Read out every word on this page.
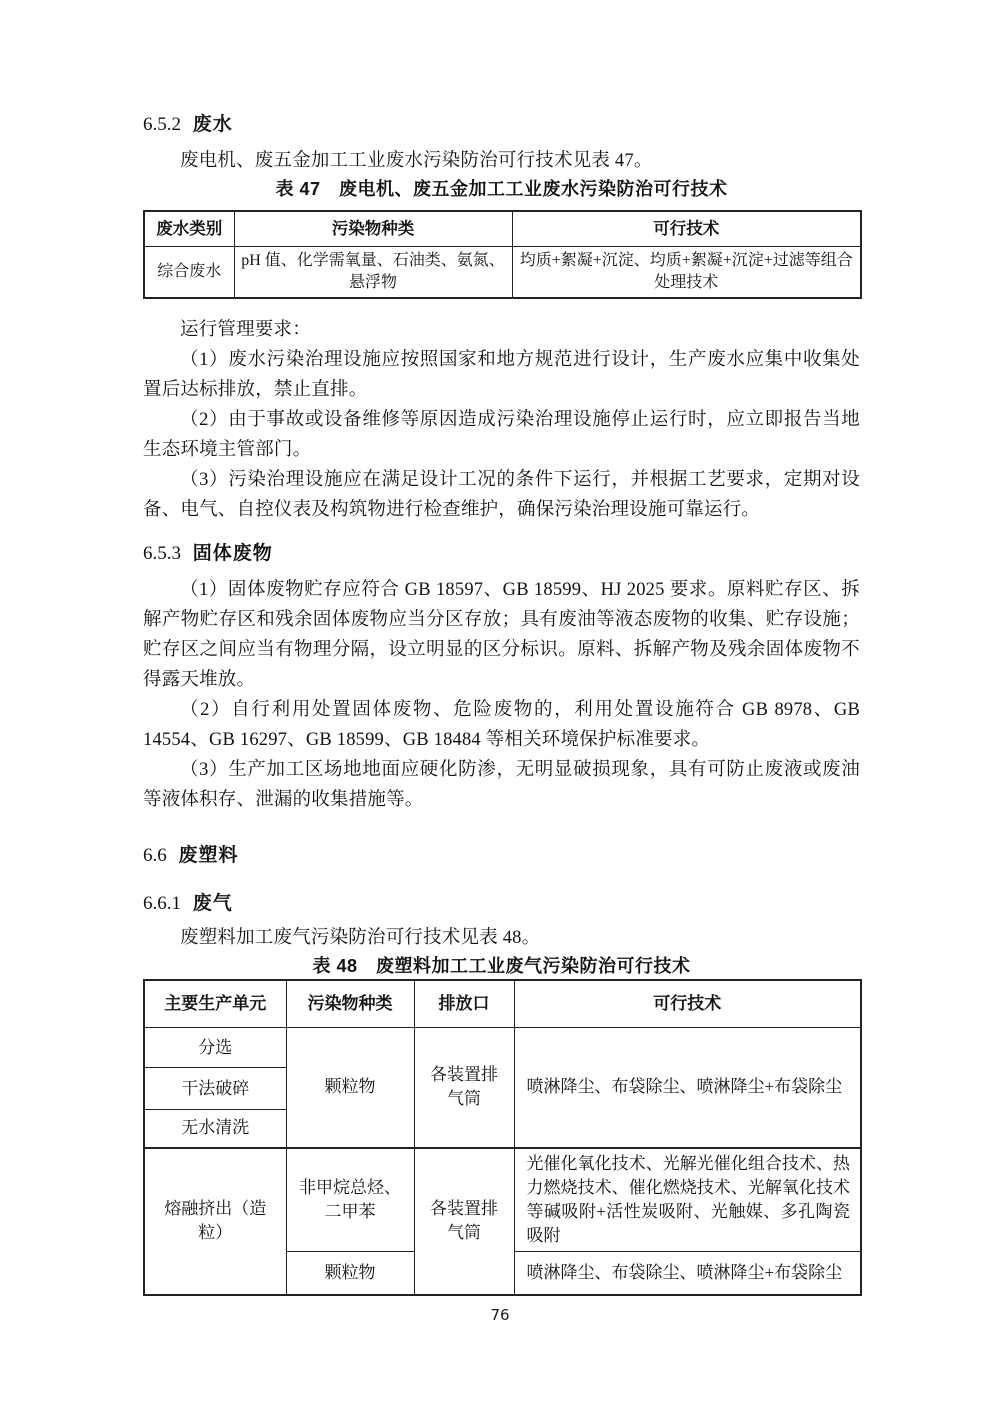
6.5.2 废水

废电机、废五金加工工业废水污染防治可行技术见表 47。

表 47　废电机、废五金加工工业废水污染防治可行技术
废水类别	污染物种类	可行技术
综合废水	pH 值、化学需氧量、石油类、氨氮、悬浮物	均质+絮凝+沉淀、均质+絮凝+沉淀+过滤等组合处理技术

运行管理要求：

（1）废水污染治理设施应按照国家和地方规范进行设计，生产废水应集中收集处置后达标排放，禁止直排。

（2）由于事故或设备维修等原因造成污染治理设施停止运行时，应立即报告当地生态环境主管部门。

（3）污染治理设施应在满足设计工况的条件下运行，并根据工艺要求，定期对设备、电气、自控仪表及构筑物进行检查维护，确保污染治理设施可靠运行。

6.5.3 固体废物

（1）固体废物贮存应符合 GB 18597、GB 18599、HJ 2025 要求。原料贮存区、拆解产物贮存区和残余固体废物应当分区存放；具有废油等液态废物的收集、贮存设施；贮存区之间应当有物理分隔，设立明显的区分标识。原料、拆解产物及残余固体废物不得露天堆放。

（2）自行利用处置固体废物、危险废物的，利用处置设施符合 GB 8978、GB 14554、GB 16297、GB 18599、GB 18484 等相关环境保护标准要求。

（3）生产加工区场地地面应硬化防渗，无明显破损现象，具有可防止废液或废油等液体积存、泄漏的收集措施等。

6.6 废塑料
6.6.1 废气

废塑料加工废气污染防治可行技术见表 48。

表 48　废塑料加工工业废气污染防治可行技术
主要生产单元	污染物种类	排放口	可行技术
分选	颗粒物	各装置排气筒	喷淋降尘、布袋除尘、喷淋降尘+布袋除尘
干法破碎			
无水清洗			
熔融挤出（造粒）	非甲烷总烃、二甲苯	各装置排气筒	光催化氧化技术、光解光催化组合技术、热力燃烧技术、催化燃烧技术、光解氧化技术等碱吸附+活性炭吸附、光触媒、多孔陶瓷吸附
	颗粒物		喷淋降尘、布袋除尘、喷淋降尘+布袋除尘
76
